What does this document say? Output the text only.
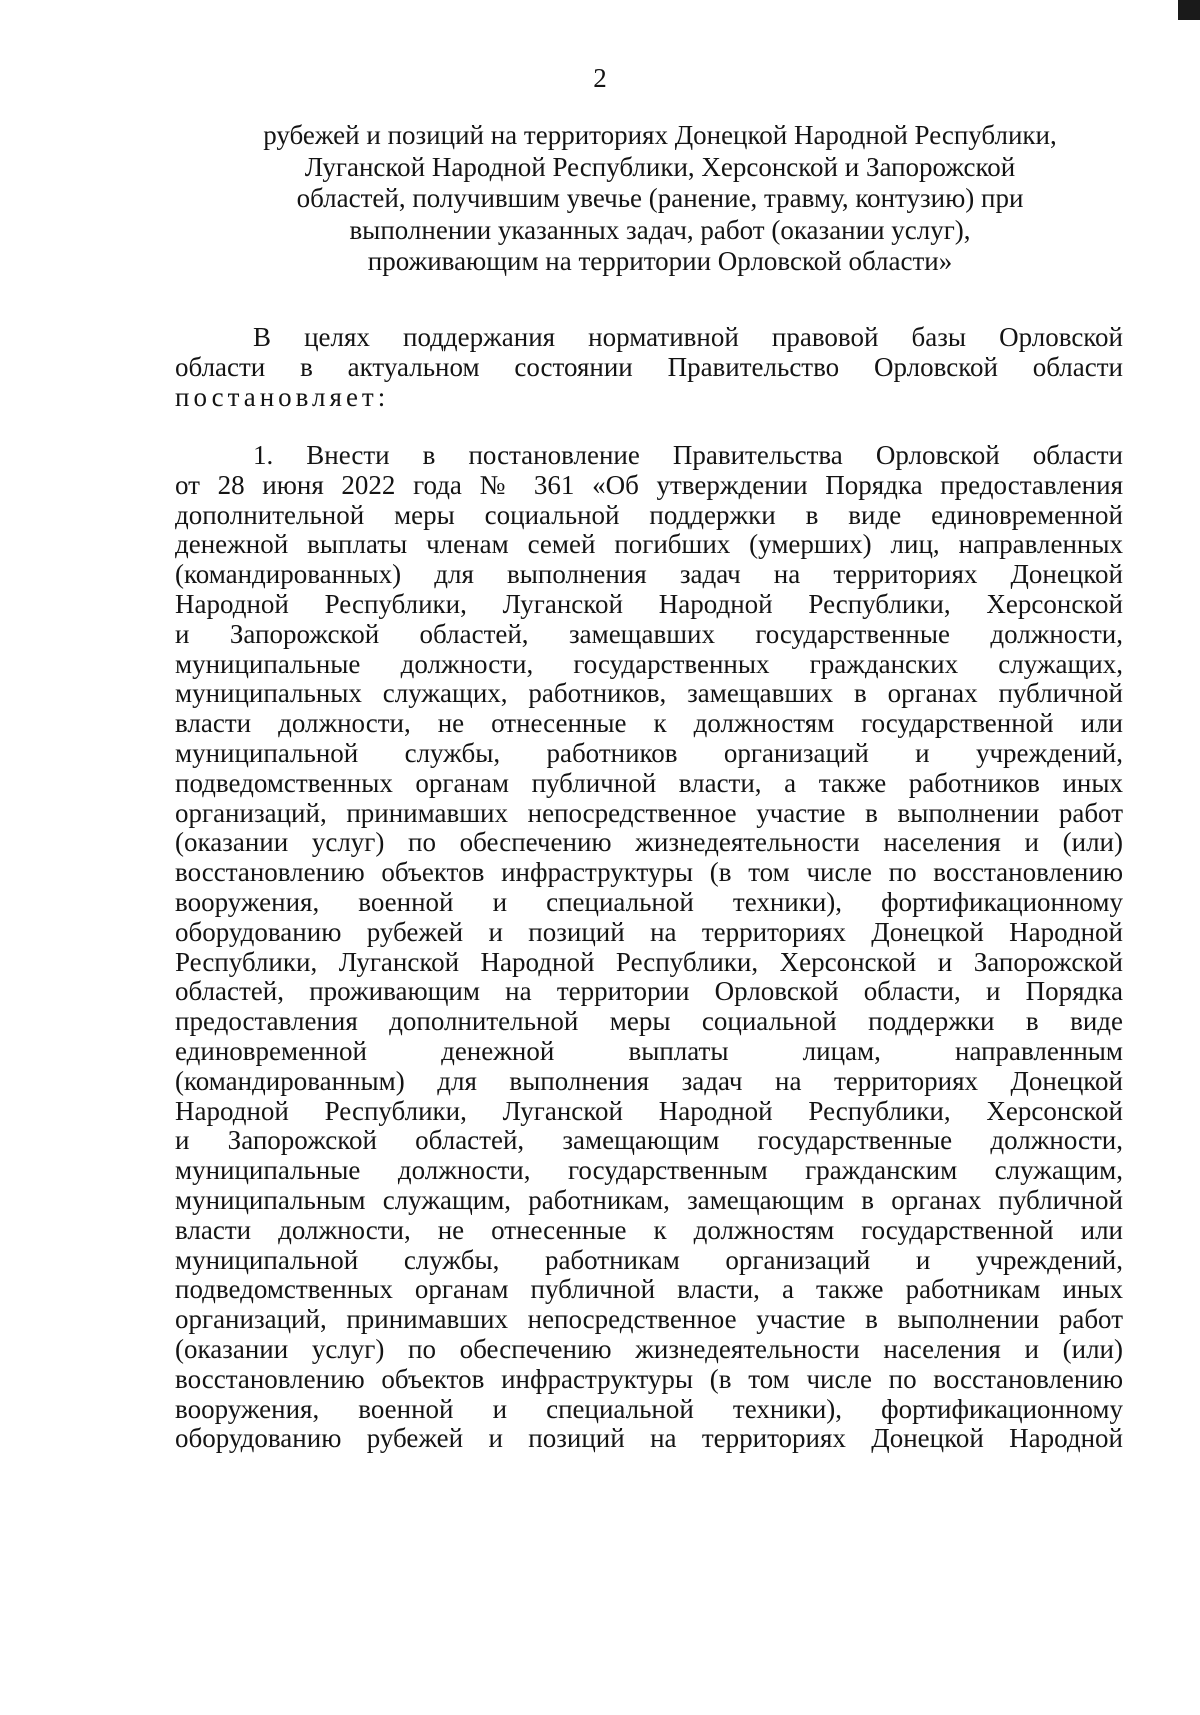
2
рубежей и позиций на территориях Донецкой Народной Республики,
Луганской Народной Республики, Херсонской и Запорожской
областей, получившим увечье (ранение, травму, контузию) при
выполнении указанных задач, работ (оказании услуг),
проживающим на территории Орловской области»
В целях поддержания нормативной правовой базы Орловской
области в актуальном состоянии Правительство Орловской области
постановляет:
1. Внести в постановление Правительства Орловской области
от 28 июня 2022 года № 361 «Об утверждении Порядка предоставления
дополнительной меры социальной поддержки в виде единовременной
денежной выплаты членам семей погибших (умерших) лиц, направленных
(командированных) для выполнения задач на территориях Донецкой
Народной Республики, Луганской Народной Республики, Херсонской
и Запорожской областей, замещавших государственные должности,
муниципальные должности, государственных гражданских служащих,
муниципальных служащих, работников, замещавших в органах публичной
власти должности, не отнесенные к должностям государственной или
муниципальной службы, работников организаций и учреждений,
подведомственных органам публичной власти, а также работников иных
организаций, принимавших непосредственное участие в выполнении работ
(оказании услуг) по обеспечению жизнедеятельности населения и (или)
восстановлению объектов инфраструктуры (в том числе по восстановлению
вооружения, военной и специальной техники), фортификационному
оборудованию рубежей и позиций на территориях Донецкой Народной
Республики, Луганской Народной Республики, Херсонской и Запорожской
областей, проживающим на территории Орловской области, и Порядка
предоставления дополнительной меры социальной поддержки в виде
единовременной денежной выплаты лицам, направленным
(командированным) для выполнения задач на территориях Донецкой
Народной Республики, Луганской Народной Республики, Херсонской
и Запорожской областей, замещающим государственные должности,
муниципальные должности, государственным гражданским служащим,
муниципальным служащим, работникам, замещающим в органах публичной
власти должности, не отнесенные к должностям государственной или
муниципальной службы, работникам организаций и учреждений,
подведомственных органам публичной власти, а также работникам иных
организаций, принимавших непосредственное участие в выполнении работ
(оказании услуг) по обеспечению жизнедеятельности населения и (или)
восстановлению объектов инфраструктуры (в том числе по восстановлению
вооружения, военной и специальной техники), фортификационному
оборудованию рубежей и позиций на территориях Донецкой Народной
